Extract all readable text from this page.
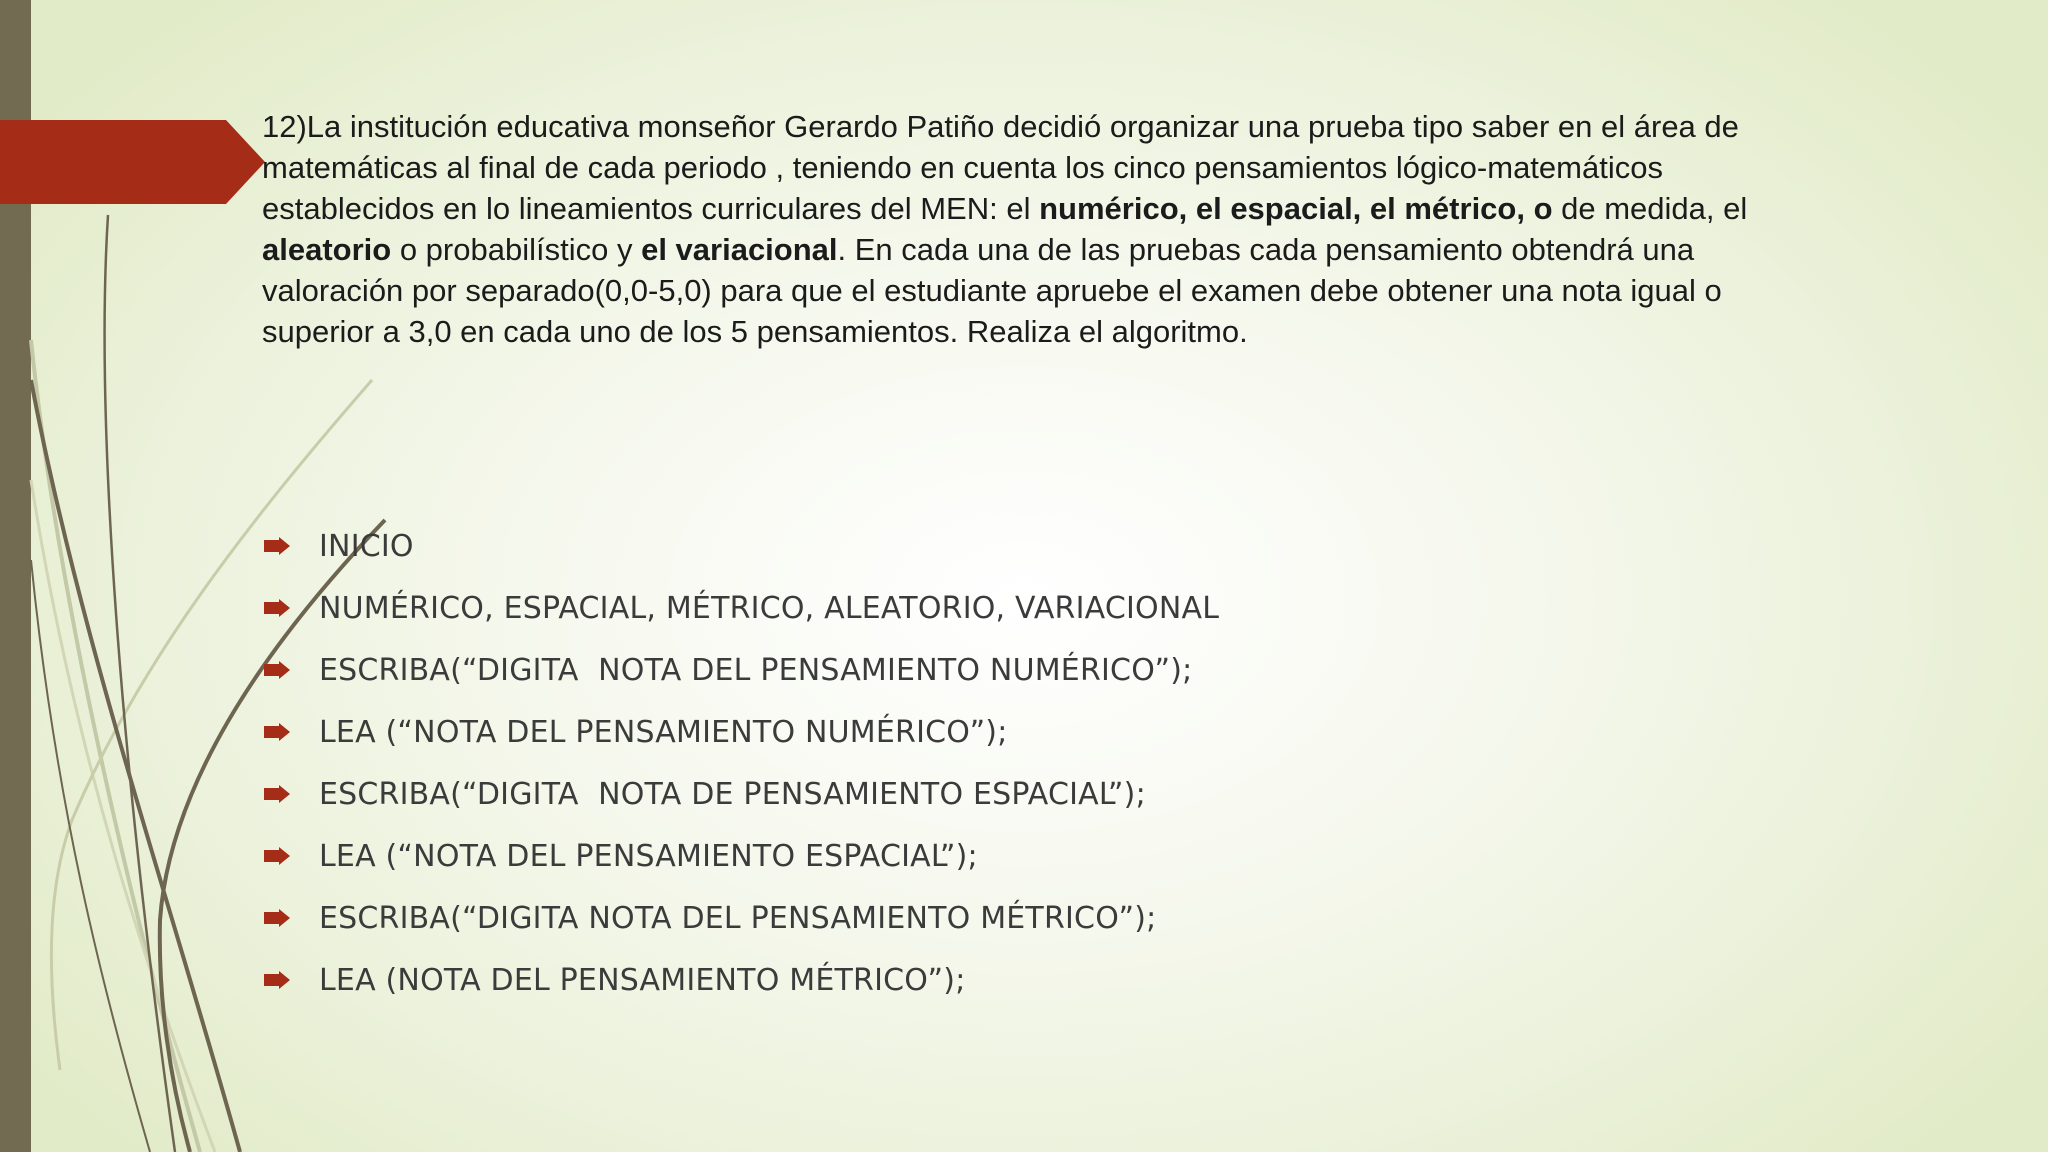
12)La institución educativa monseñor Gerardo Patiño decidió organizar una prueba tipo saber en el área de matemáticas al final de cada periodo , teniendo en cuenta los cinco pensamientos lógico-matemáticos establecidos en lo lineamientos curriculares del MEN: el numérico, el espacial, el métrico, o de medida, el aleatorio o probabilístico y el variacional. En cada una de las pruebas cada pensamiento obtendrá una valoración por separado(0,0-5,0) para que el estudiante apruebe el examen debe obtener una nota igual o superior a 3,0 en cada uno de los 5 pensamientos. Realiza el algoritmo.

INICIO
NUMÉRICO, ESPACIAL, MÉTRICO, ALEATORIO, VARIACIONAL
ESCRIBA(“DIGITA  NOTA DEL PENSAMIENTO NUMÉRICO”);
LEA (“NOTA DEL PENSAMIENTO NUMÉRICO”);
ESCRIBA(“DIGITA  NOTA DE PENSAMIENTO ESPACIAL”);
LEA (“NOTA DEL PENSAMIENTO ESPACIAL”);
ESCRIBA(“DIGITA NOTA DEL PENSAMIENTO MÉTRICO”);
LEA (NOTA DEL PENSAMIENTO MÉTRICO”);
